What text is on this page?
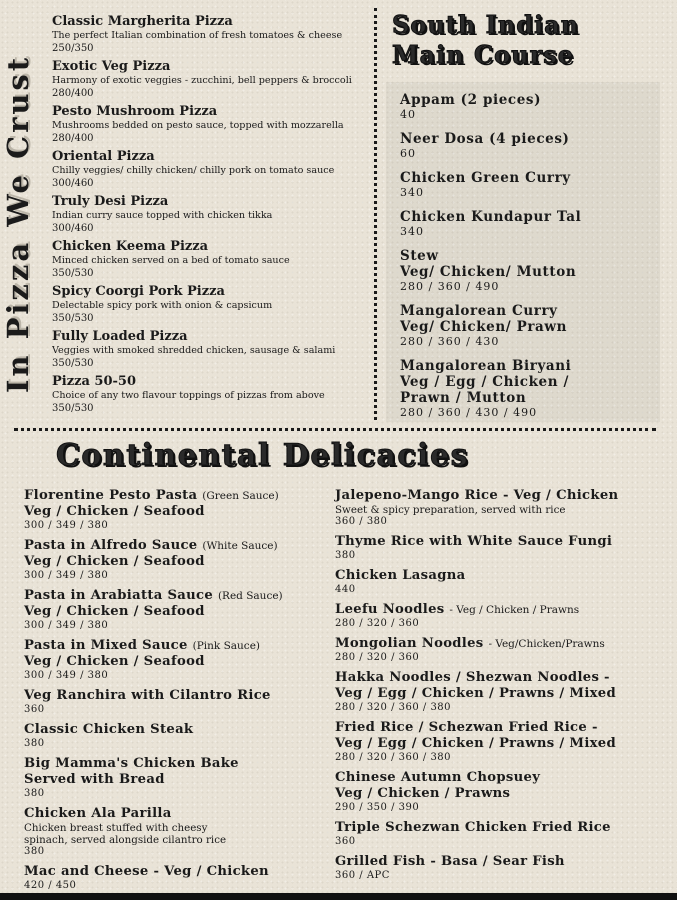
In Pizza We Crust
Classic Margherita Pizza
The perfect Italian combination of fresh tomatoes & cheese
250/350
Exotic Veg Pizza
Harmony of exotic veggies - zucchini, bell peppers & broccoli
280/400
Pesto Mushroom Pizza
Mushrooms bedded on pesto sauce, topped with mozzarella
280/400
Oriental Pizza
Chilly veggies/ chilly chicken/ chilly pork on tomato sauce
300/460
Truly Desi Pizza
Indian curry sauce topped with chicken tikka
300/460
Chicken Keema Pizza
Minced chicken served on a bed of tomato sauce
350/530
Spicy Coorgi Pork Pizza
Delectable spicy pork with onion & capsicum
350/530
Fully Loaded Pizza
Veggies with smoked shredded chicken, sausage & salami
350/530
Pizza 50-50
Choice of any two flavour toppings of pizzas from above
350/530
South Indian
Main Course
Appam (2 pieces)
40
Neer Dosa (4 pieces)
60
Chicken Green Curry
340
Chicken Kundapur Tal
340
Stew
Veg/ Chicken/ Mutton
280 / 360 / 490
Mangalorean Curry
Veg/ Chicken/ Prawn
280 / 360 / 430
Mangalorean Biryani
Veg / Egg / Chicken /
Prawn / Mutton
280 / 360 / 430 / 490
Continental Delicacies
Florentine Pesto Pasta (Green Sauce)
Veg / Chicken / Seafood
300 / 349 / 380
Pasta in Alfredo Sauce (White Sauce)
Veg / Chicken / Seafood
300 / 349 / 380
Pasta in Arabiatta Sauce (Red Sauce)
Veg / Chicken / Seafood
300 / 349 / 380
Pasta in Mixed Sauce (Pink Sauce)
Veg / Chicken / Seafood
300 / 349 / 380
Veg Ranchira with Cilantro Rice
360
Classic Chicken Steak
380
Big Mamma's Chicken Bake
Served with Bread
380
Chicken Ala Parilla
Chicken breast stuffed with cheesy
spinach, served alongside cilantro rice
380
Mac and Cheese - Veg / Chicken
420 / 450
Jalepeno-Mango Rice - Veg / Chicken
Sweet & spicy preparation, served with rice
360 / 380
Thyme Rice with White Sauce Fungi
380
Chicken Lasagna
440
Leefu Noodles - Veg / Chicken / Prawns
280 / 320 / 360
Mongolian Noodles - Veg/Chicken/Prawns
280 / 320 / 360
Hakka Noodles / Shezwan Noodles -
Veg / Egg / Chicken / Prawns / Mixed
280 / 320 / 360 / 380
Fried Rice / Schezwan Fried Rice -
Veg / Egg / Chicken / Prawns / Mixed
280 / 320 / 360 / 380
Chinese Autumn Chopsuey
Veg / Chicken / Prawns
290 / 350 / 390
Triple Schezwan Chicken Fried Rice
360
Grilled Fish - Basa / Sear Fish
360 / APC
